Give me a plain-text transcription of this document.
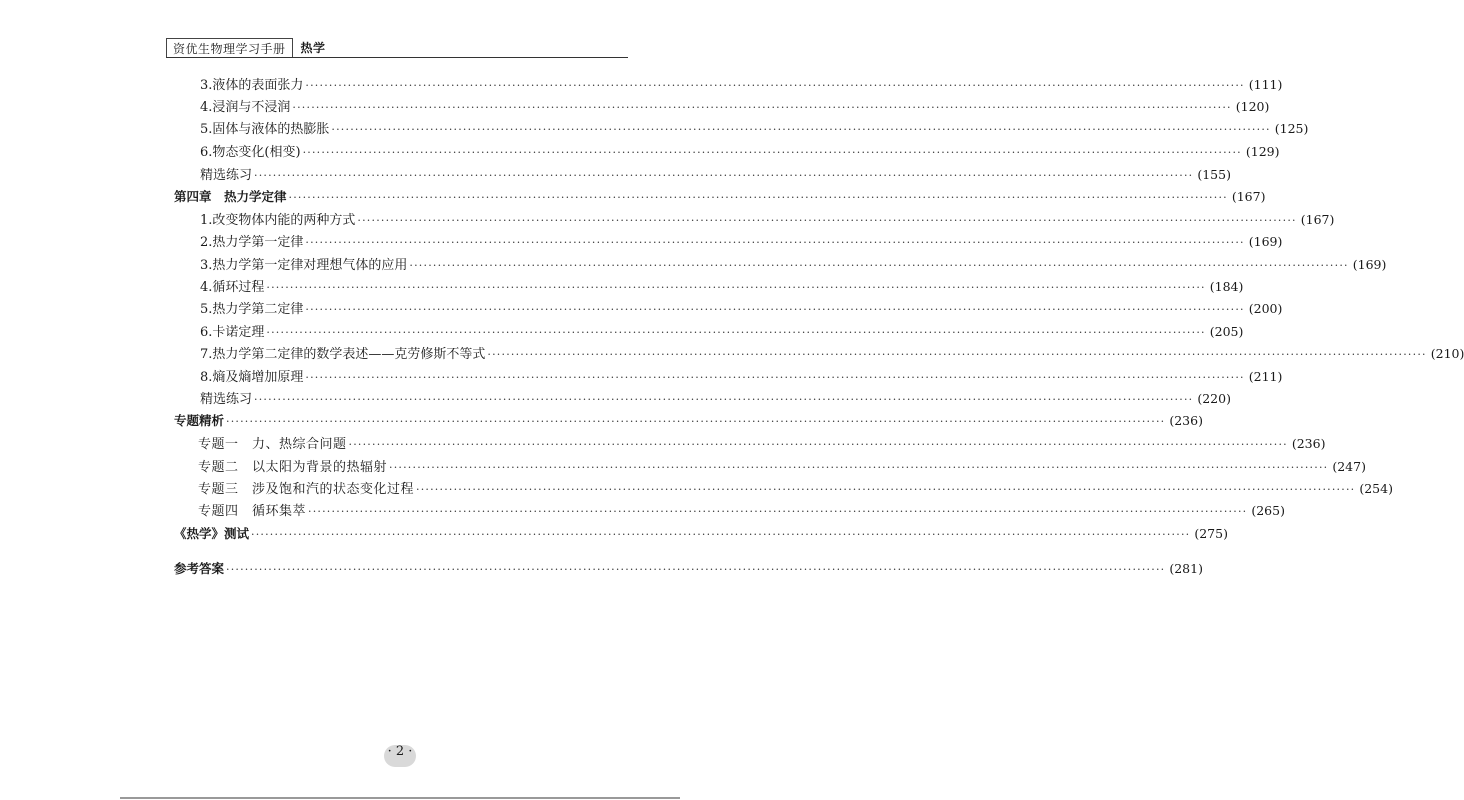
资优生物理学习手册	热学
3.液体的表面张力 ········································································································································································································ (111)
4.浸润与不浸润 ········································································································································································································ (120)
5.固体与液体的热膨胀 ········································································································································································································ (125)
6.物态变化(相变) ········································································································································································································ (129)
精选练习 ········································································································································································································ (155)
第四章　热力学定律 ········································································································································································································ (167)
1.改变物体内能的两种方式 ········································································································································································································ (167)
2.热力学第一定律 ········································································································································································································ (169)
3.热力学第一定律对理想气体的应用 ········································································································································································································ (169)
4.循环过程 ········································································································································································································ (184)
5.热力学第二定律 ········································································································································································································ (200)
6.卡诺定理 ········································································································································································································ (205)
7.热力学第二定律的数学表述——克劳修斯不等式 ········································································································································································································ (210)
8.熵及熵增加原理 ········································································································································································································ (211)
精选练习 ········································································································································································································ (220)
专题精析 ········································································································································································································ (236)
专题一　力、热综合问题 ········································································································································································································ (236)
专题二　以太阳为背景的热辐射 ········································································································································································································ (247)
专题三　涉及饱和汽的状态变化过程 ········································································································································································································ (254)
专题四　循环集萃 ········································································································································································································ (265)
《热学》测试 ········································································································································································································ (275)
参考答案 ········································································································································································································ (281)
· 2 ·
